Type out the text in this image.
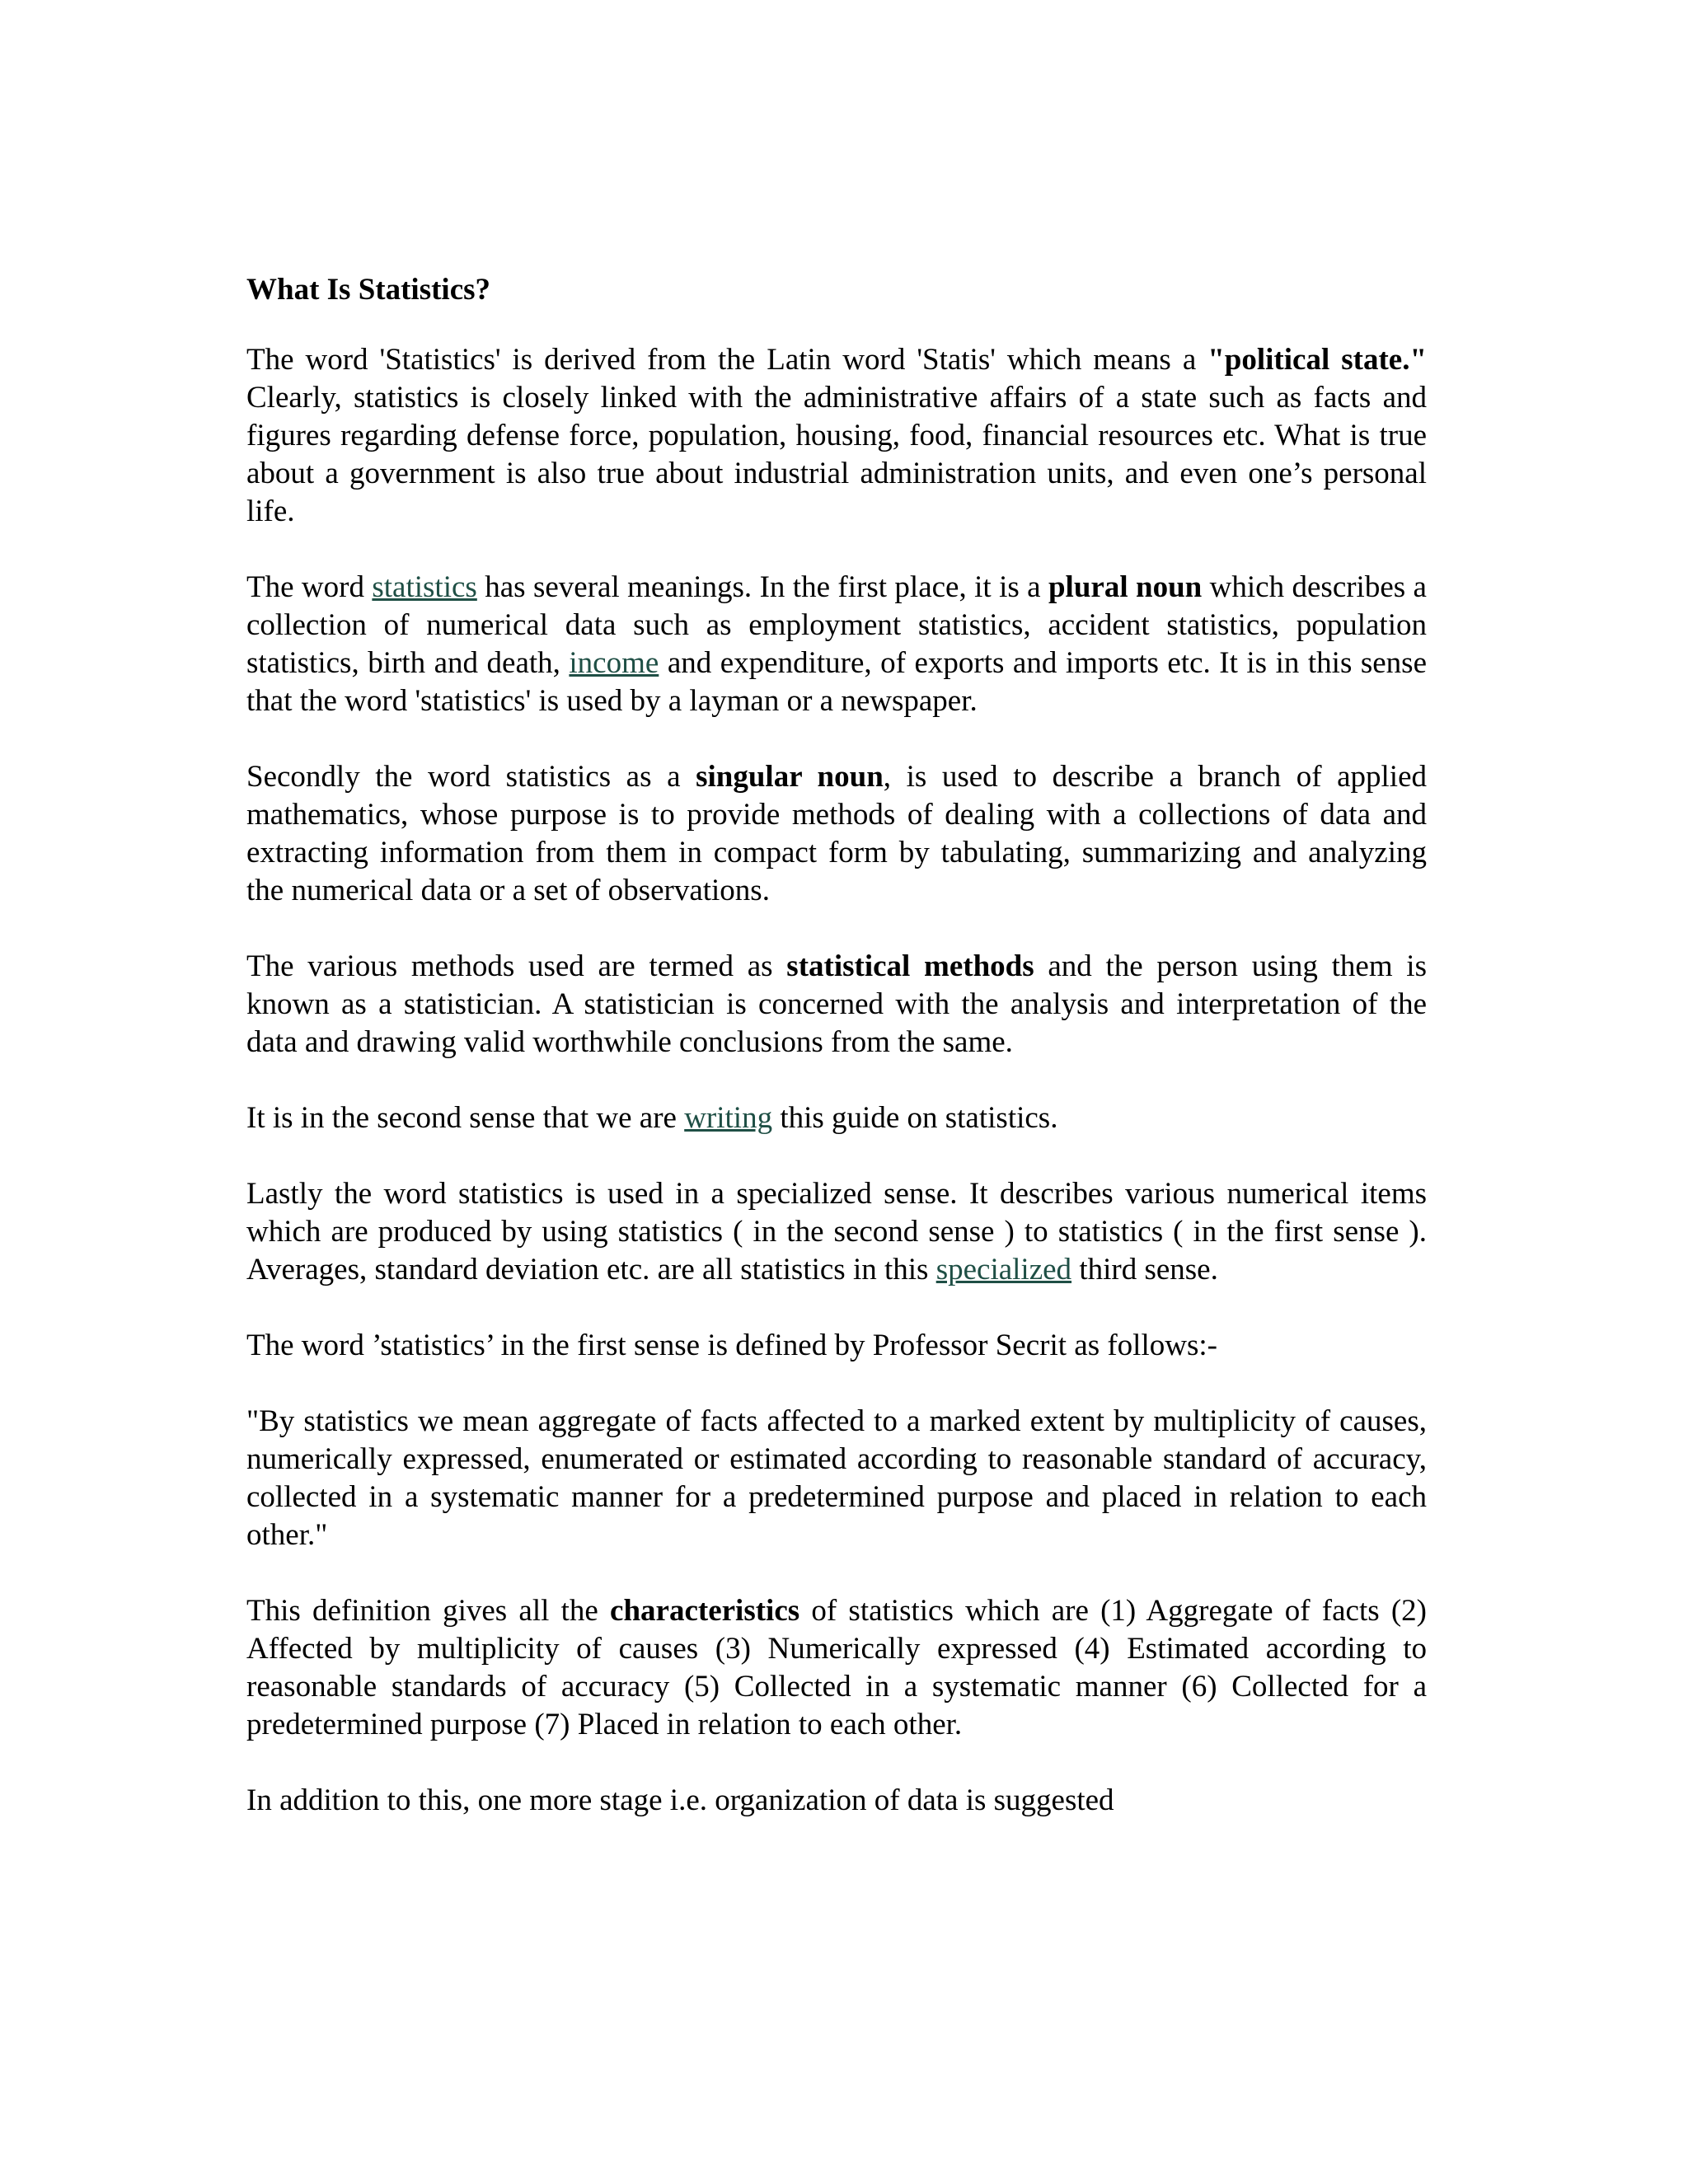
What Is Statistics?

The word 'Statistics' is derived from the Latin word 'Statis' which means a "political state." Clearly, statistics is closely linked with the administrative affairs of a state such as facts and figures regarding defense force, population, housing, food, financial resources etc. What is true about a government is also true about industrial administration units, and even one’s personal life.

The word statistics has several meanings. In the first place, it is a plural noun which describes a collection of numerical data such as employment statistics, accident statistics, population statistics, birth and death, income and expenditure, of exports and imports etc. It is in this sense that the word 'statistics' is used by a layman or a newspaper.

Secondly the word statistics as a singular noun, is used to describe a branch of applied mathematics, whose purpose is to provide methods of dealing with a collections of data and extracting information from them in compact form by tabulating, summarizing and analyzing the numerical data or a set of observations.

The various methods used are termed as statistical methods and the person using them is known as a statistician. A statistician is concerned with the analysis and interpretation of the data and drawing valid worthwhile conclusions from the same.

It is in the second sense that we are writing this guide on statistics.

Lastly the word statistics is used in a specialized sense. It describes various numerical items which are produced by using statistics ( in the second sense ) to statistics ( in the first sense ). Averages, standard deviation etc. are all statistics in this specialized third sense.

The word ’statistics’ in the first sense is defined by Professor Secrit as follows:-

"By statistics we mean aggregate of facts affected to a marked extent by multiplicity of causes, numerically expressed, enumerated or estimated according to reasonable standard of accuracy, collected in a systematic manner for a predetermined purpose and placed in relation to each other."

This definition gives all the characteristics of statistics which are (1) Aggregate of facts (2) Affected by multiplicity of causes (3) Numerically expressed (4) Estimated according to reasonable standards of accuracy (5) Collected in a systematic manner (6) Collected for a predetermined purpose (7) Placed in relation to each other.

In addition to this, one more stage i.e. organization of data is suggested
